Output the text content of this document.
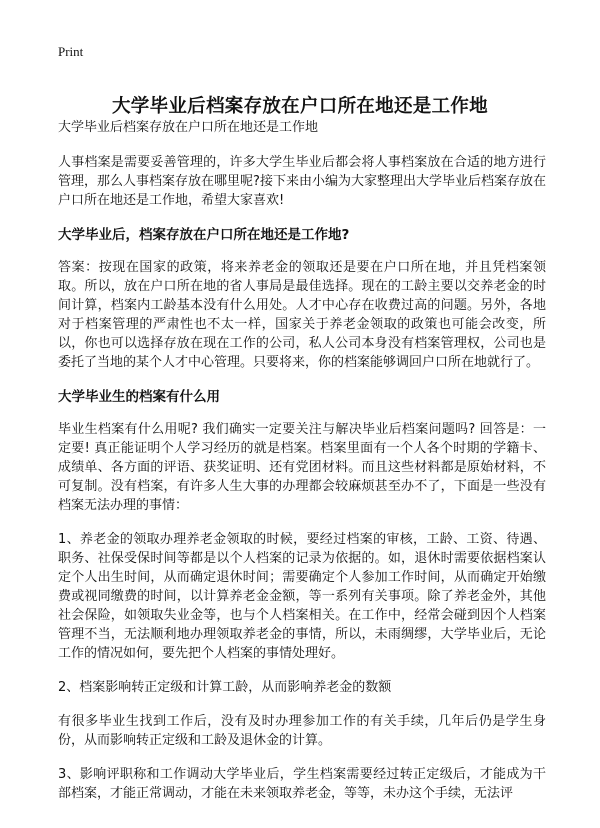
Print
大学毕业后档案存放在户口所在地还是工作地

大学毕业后档案存放在户口所在地还是工作地

人事档案是需要妥善管理的，许多大学生毕业后都会将人事档案放在合适的地方进行管理，那么人事档案存放在哪里呢?接下来由小编为大家整理出大学毕业后档案存放在户口所在地还是工作地，希望大家喜欢!

大学毕业后，档案存放在户口所在地还是工作地?

答案：按现在国家的政策，将来养老金的领取还是要在户口所在地，并且凭档案领取。所以，放在户口所在地的省人事局是最佳选择。现在的工龄主要以交养老金的时间计算，档案内工龄基本没有什么用处。人才中心存在收费过高的问题。另外，各地对于档案管理的严肃性也不太一样，国家关于养老金领取的政策也可能会改变，所以，你也可以选择存放在现在工作的公司，私人公司本身没有档案管理权，公司也是委托了当地的某个人才中心管理。只要将来，你的档案能够调回户口所在地就行了。

大学毕业生的档案有什么用

毕业生档案有什么用呢? 我们确实一定要关注与解决毕业后档案问题吗? 回答是：一定要! 真正能证明个人学习经历的就是档案。档案里面有一个人各个时期的学籍卡、成绩单、各方面的评语、获奖证明、还有党团材料。而且这些材料都是原始材料，不可复制。没有档案，有许多人生大事的办理都会较麻烦甚至办不了，下面是一些没有档案无法办理的事情：

1、养老金的领取办理养老金领取的时候，要经过档案的审核，工龄、工资、待遇、职务、社保受保时间等都是以个人档案的记录为依据的。如，退休时需要依据档案认定个人出生时间，从而确定退休时间；需要确定个人参加工作时间，从而确定开始缴费或视同缴费的时间，以计算养老金金额，等一系列有关事项。除了养老金外，其他社会保险，如领取失业金等，也与个人档案相关。在工作中，经常会碰到因个人档案管理不当，无法顺利地办理领取养老金的事情，所以，未雨绸缪，大学毕业后，无论工作的情况如何，要先把个人档案的事情处理好。

2、档案影响转正定级和计算工龄，从而影响养老金的数额

有很多毕业生找到工作后，没有及时办理参加工作的有关手续，几年后仍是学生身份，从而影响转正定级和工龄及退休金的计算。

3、影响评职称和工作调动大学毕业后，学生档案需要经过转正定级后，才能成为干部档案，才能正常调动，才能在未来领取养老金，等等，未办这个手续，无法评
